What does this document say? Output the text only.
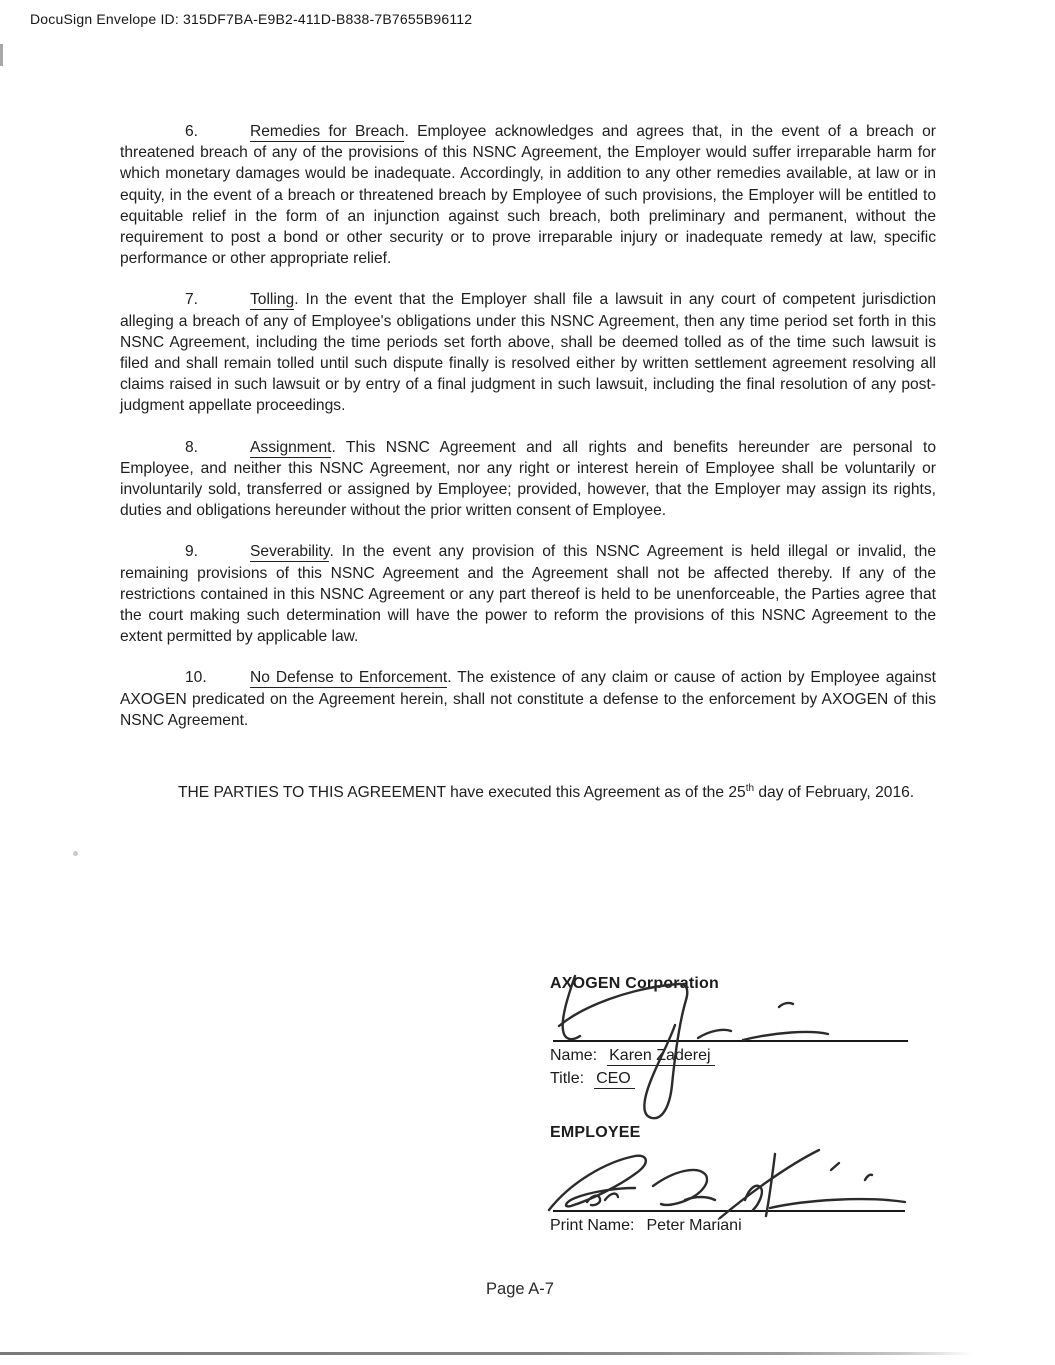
DocuSign Envelope ID: 315DF7BA-E9B2-411D-B838-7B7655B96112

6.	Remedies for Breach. Employee acknowledges and agrees that, in the event of a breach or threatened breach of any of the provisions of this NSNC Agreement, the Employer would suffer irreparable harm for which monetary damages would be inadequate. Accordingly, in addition to any other remedies available, at law or in equity, in the event of a breach or threatened breach by Employee of such provisions, the Employer will be entitled to equitable relief in the form of an injunction against such breach, both preliminary and permanent, without the requirement to post a bond or other security or to prove irreparable injury or inadequate remedy at law, specific performance or other appropriate relief.

7.	Tolling. In the event that the Employer shall file a lawsuit in any court of competent jurisdiction alleging a breach of any of Employee's obligations under this NSNC Agreement, then any time period set forth in this NSNC Agreement, including the time periods set forth above, shall be deemed tolled as of the time such lawsuit is filed and shall remain tolled until such dispute finally is resolved either by written settlement agreement resolving all claims raised in such lawsuit or by entry of a final judgment in such lawsuit, including the final resolution of any post-judgment appellate proceedings.

8.	Assignment. This NSNC Agreement and all rights and benefits hereunder are personal to Employee, and neither this NSNC Agreement, nor any right or interest herein of Employee shall be voluntarily or involuntarily sold, transferred or assigned by Employee; provided, however, that the Employer may assign its rights, duties and obligations hereunder without the prior written consent of Employee.

9.	Severability. In the event any provision of this NSNC Agreement is held illegal or invalid, the remaining provisions of this NSNC Agreement and the Agreement shall not be affected thereby. If any of the restrictions contained in this NSNC Agreement or any part thereof is held to be unenforceable, the Parties agree that the court making such determination will have the power to reform the provisions of this NSNC Agreement to the extent permitted by applicable law.

10.	No Defense to Enforcement. The existence of any claim or cause of action by Employee against AXOGEN predicated on the Agreement herein, shall not constitute a defense to the enforcement by AXOGEN of this NSNC Agreement.

THE PARTIES TO THIS AGREEMENT have executed this Agreement as of the 25th day of February, 2016.

AXOGEN Corporation
Name: Karen Zaderej
Title: CEO
EMPLOYEE
Print Name: Peter Mariani
Page A-7
